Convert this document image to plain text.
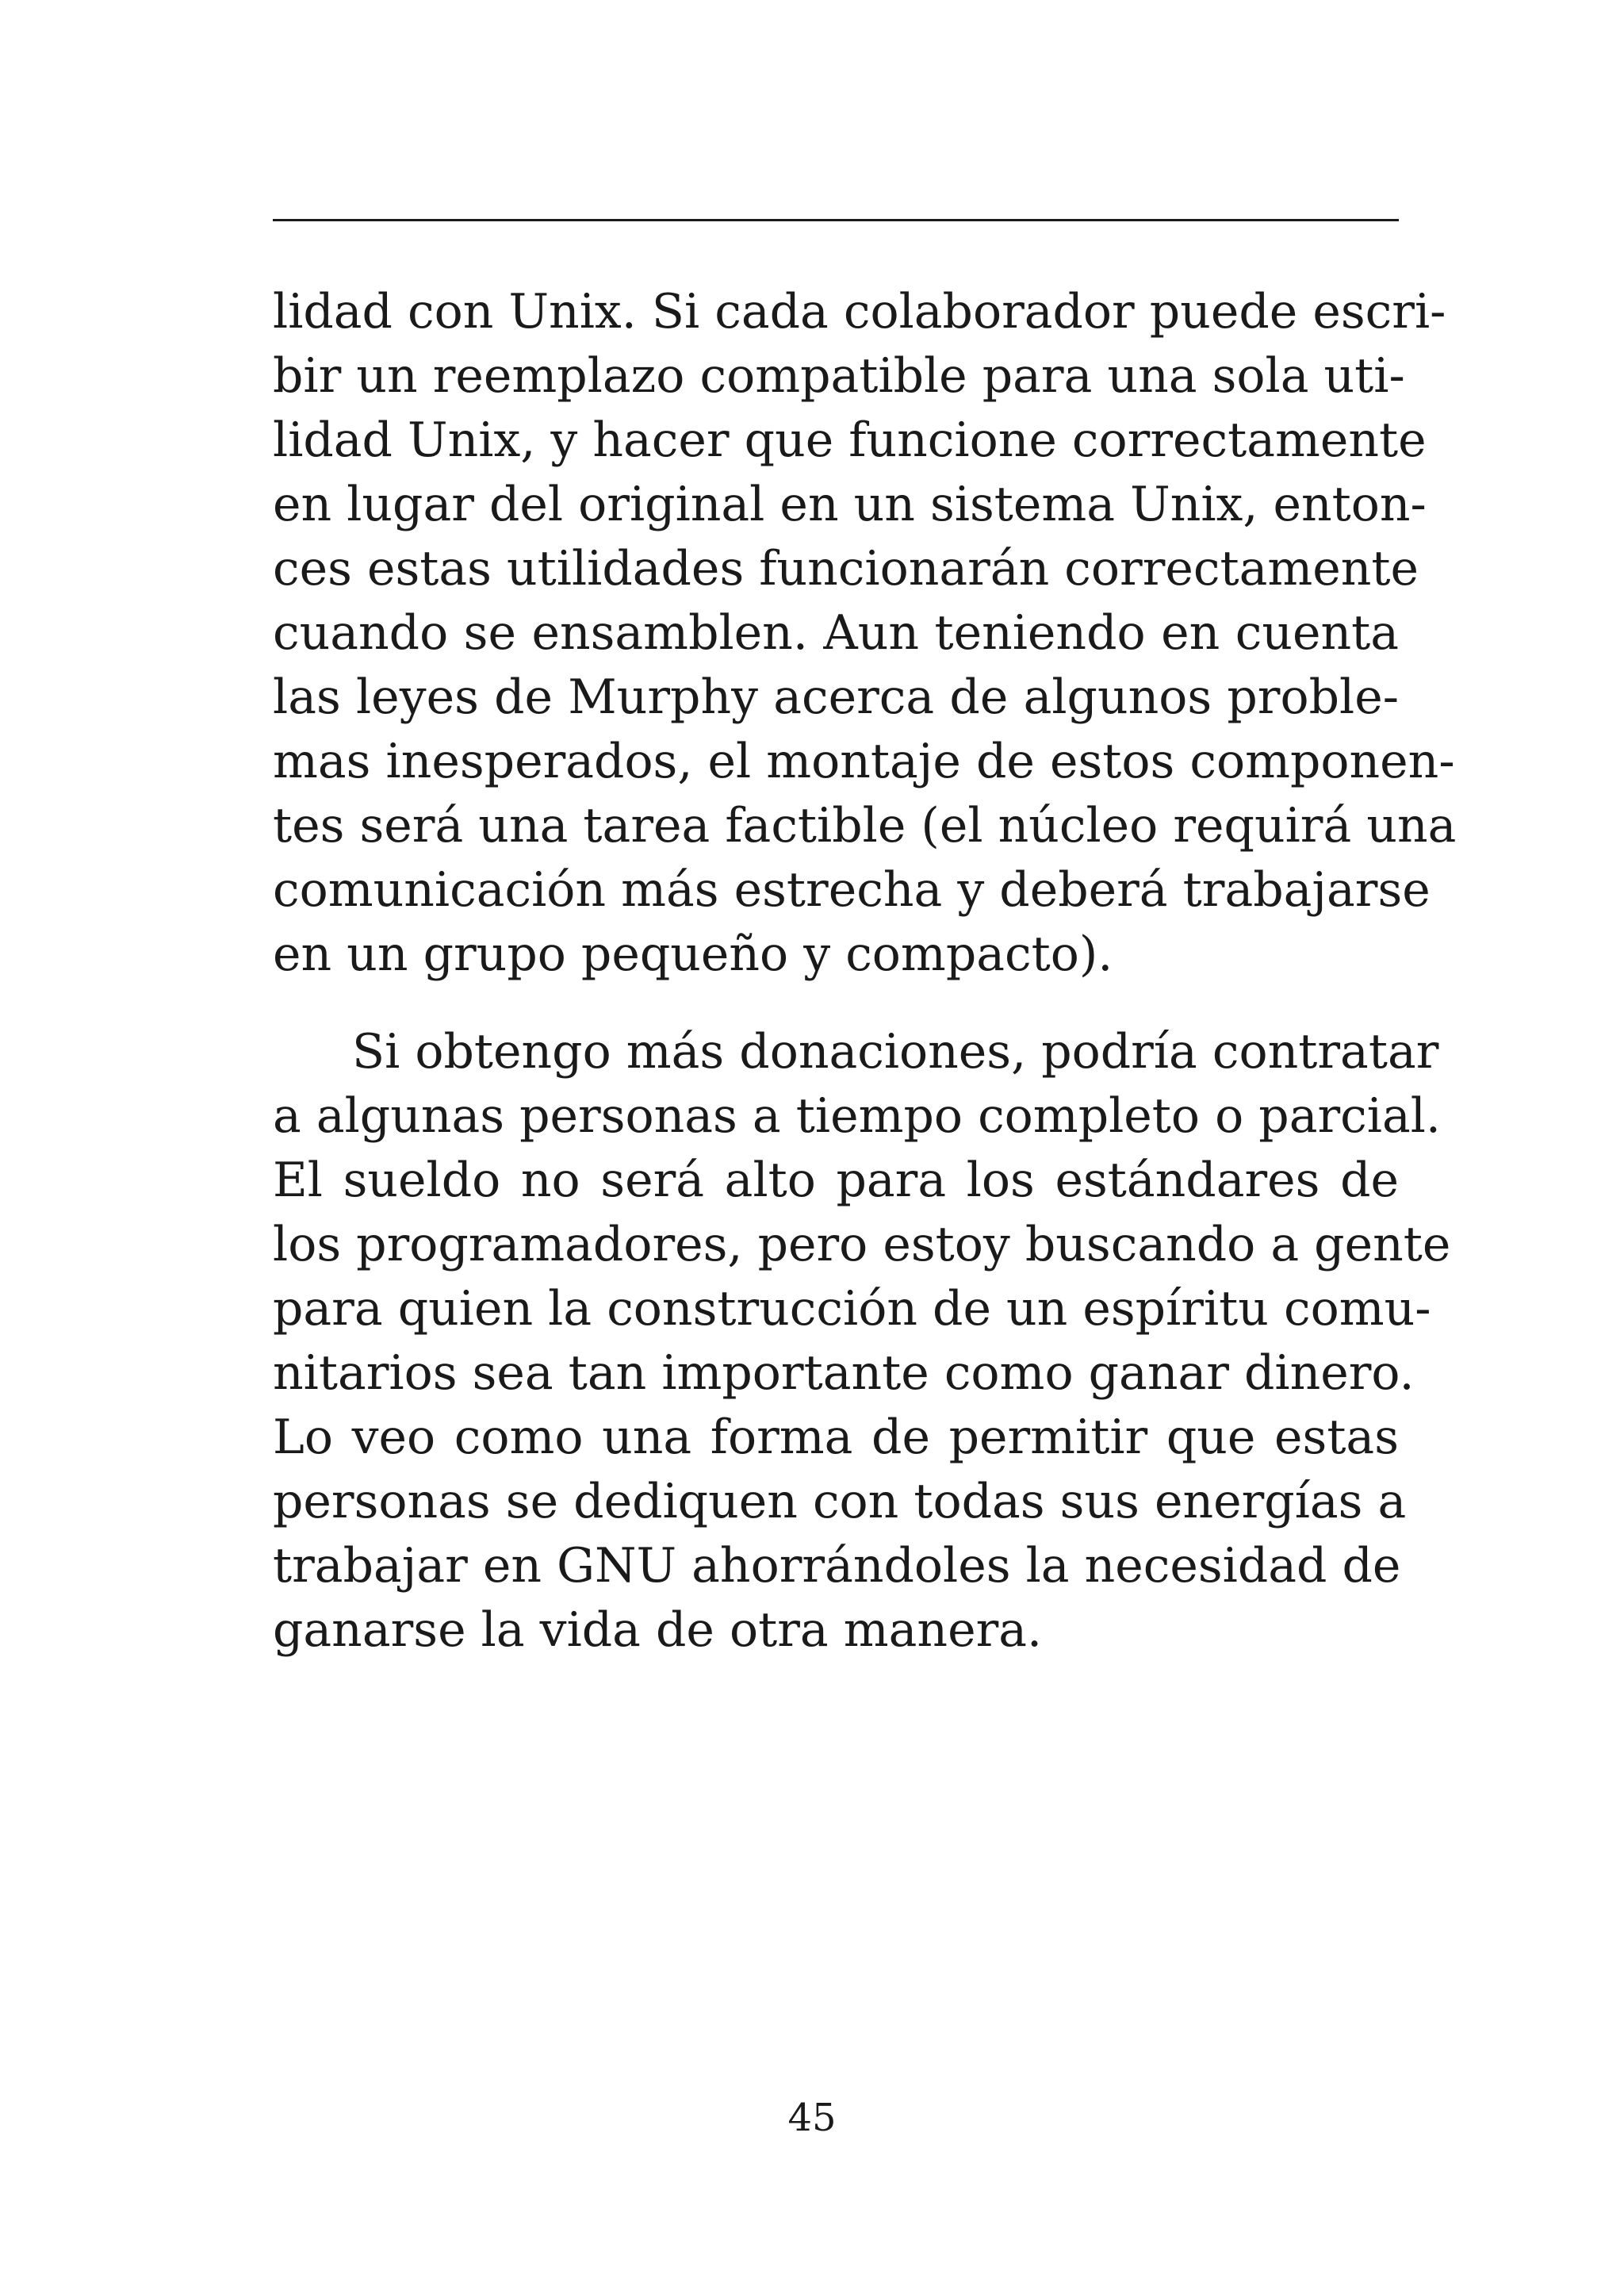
lidad con Unix. Si cada colaborador puede escri-
bir un reemplazo compatible para una sola uti-
lidad Unix, y hacer que funcione correctamente
en lugar del original en un sistema Unix, enton-
ces estas utilidades funcionarán correctamente
cuando se ensamblen. Aun teniendo en cuenta
las leyes de Murphy acerca de algunos proble-
mas inesperados, el montaje de estos componen-
tes será una tarea factible (el núcleo requirá una
comunicación más estrecha y deberá trabajarse
en un grupo pequeño y compacto).
Si obtengo más donaciones, podría contratar
a algunas personas a tiempo completo o parcial.
El sueldo no será alto para los estándares de
los programadores, pero estoy buscando a gente
para quien la construcción de un espíritu comu-
nitarios sea tan importante como ganar dinero.
Lo veo como una forma de permitir que estas
personas se dediquen con todas sus energías a
trabajar en GNU ahorrándoles la necesidad de
ganarse la vida de otra manera.
45
